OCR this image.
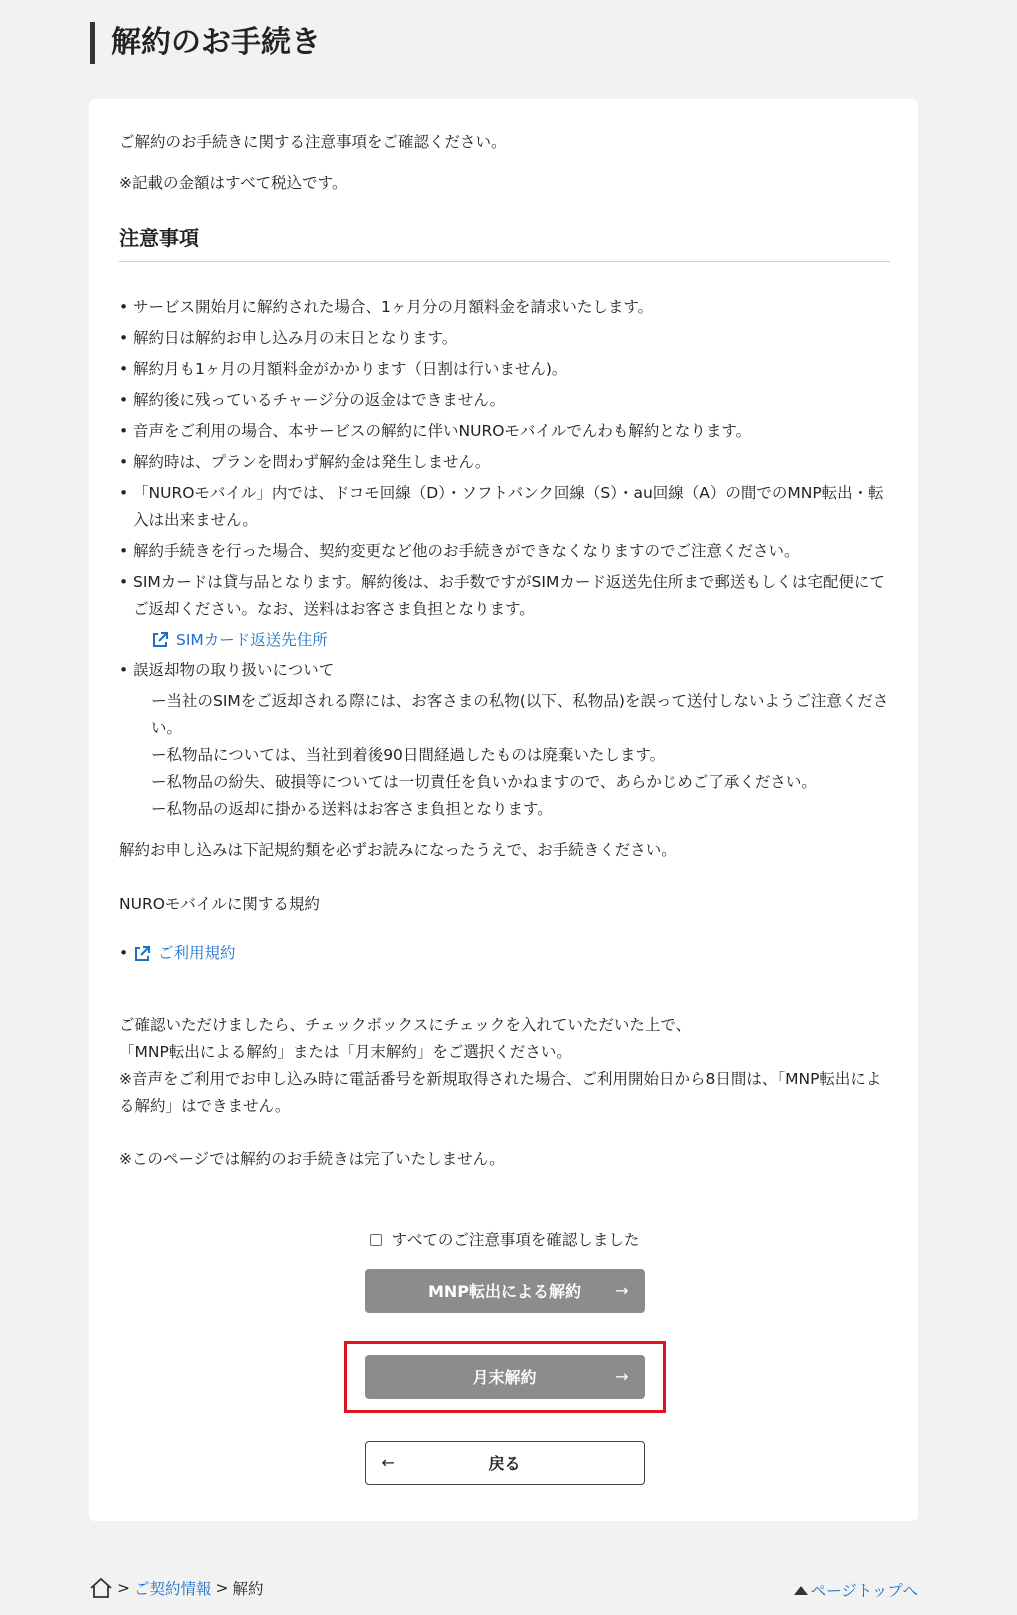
解約のお手続き

ご解約のお手続きに関する注意事項をご確認ください。

※記載の金額はすべて税込です。

注意事項
• サービス開始月に解約された場合、1ヶ月分の月額料金を請求いたします。
• 解約日は解約お申し込み月の末日となります。
• 解約月も1ヶ月の月額料金がかかります（日割は行いません)。
• 解約後に残っているチャージ分の返金はできません。
• 音声をご利用の場合、本サービスの解約に伴いNUROモバイルでんわも解約となります。
• 解約時は、プランを問わず解約金は発生しません。
• 「NUROモバイル」内では、ドコモ回線（D）・ソフトバンク回線（S）・au回線（A）の間でのMNP転出・転入は出来ません。
• 解約手続きを行った場合、契約変更など他のお手続きができなくなりますのでご注意ください。
• SIMカードは貸与品となります。解約後は、お手数ですがSIMカード返送先住所まで郵送もしくは宅配便にてご返却ください。なお、送料はお客さま負担となります。
SIMカード返送先住所
• 誤返却物の取り扱いについて

ー当社のSIMをご返却される際には、お客さまの私物(以下、私物品)を誤って送付しないようご注意ください。

ー私物品については、当社到着後90日間経過したものは廃棄いたします。

ー私物品の紛失、破損等については一切責任を負いかねますので、あらかじめご了承ください。

ー私物品の返却に掛かる送料はお客さま負担となります。

解約お申し込みは下記規約類を必ずお読みになったうえで、お手続きください。

NUROモバイルに関する規約

• ご利用規約

ご確認いただけましたら、チェックボックスにチェックを入れていただいた上で、

「MNP転出による解約」または「月末解約」をご選択ください。

※音声をご利用でお申し込み時に電話番号を新規取得された場合、ご利用開始日から8日間は、「MNP転出による解約」はできません。

※このページでは解約のお手続きは完了いたしません。

すべてのご注意事項を確認しました
MNP転出による解約 →
月末解約	→
←	戻る
> ご契約情報 > 解約	ページトップへ
